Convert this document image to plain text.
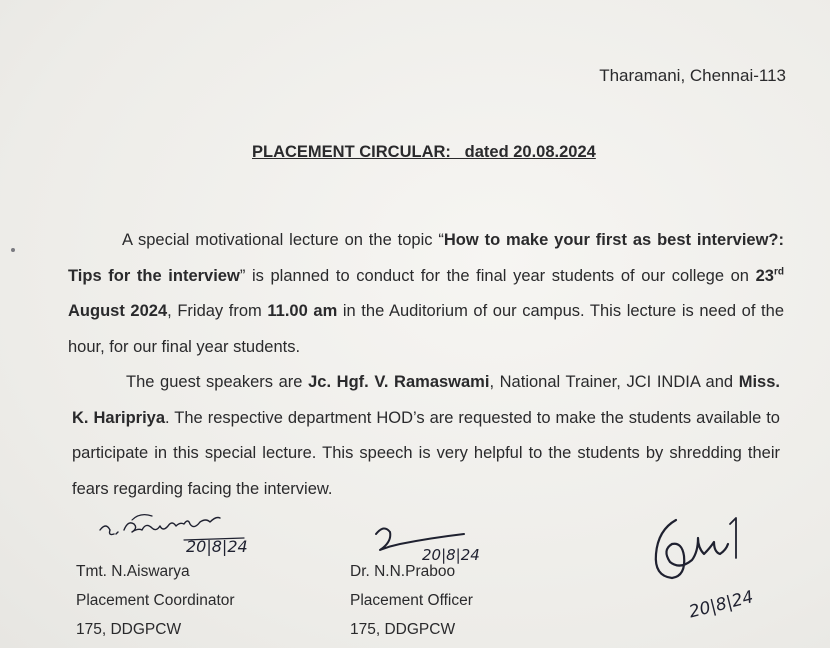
Tharamani, Chennai-113
PLACEMENT CIRCULAR:   dated 20.08.2024

A special motivational lecture on the topic “How to make your first as best interview?: Tips for the interview” is planned to conduct for the final year students of our college on 23rd August 2024, Friday from 11.00 am in the Auditorium of our campus. This lecture is need of the hour, for our final year students.

The guest speakers are Jc. Hgf. V. Ramaswami, National Trainer, JCI INDIA and Miss. K. Haripriya. The respective department HOD’s are requested to make the students available to participate in this special lecture. This speech is very helpful to the students by shredding their fears regarding facing the interview.

20|8|24	20|8|24
20|8|24
Tmt. N.Aiswarya
Placement Coordinator
175, DDGPCW
Dr. N.N.Praboo
Placement Officer
175, DDGPCW
